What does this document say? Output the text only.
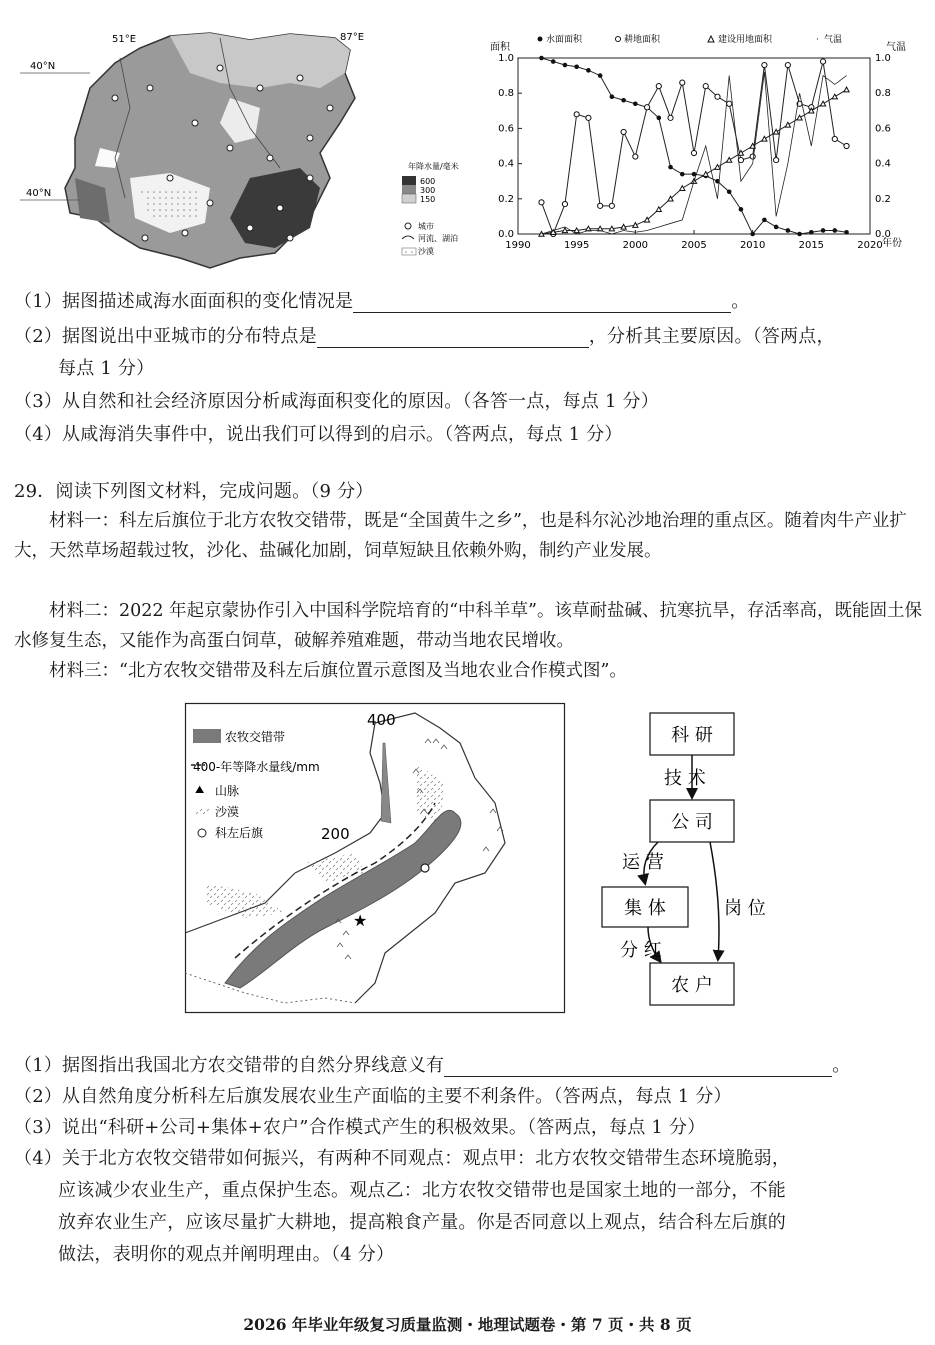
40°N
40°N
51°E	87°E
年降水量/毫米
600
300
150
城市
河流、湖泊
沙漠
面积	气温
水面面积	耕地面积	建设用地面积	· 气温
1990	1995	2000	2005	2010	2015	2020
0.0	0.0
0.2	0.2
0.4	0.4
0.6	0.6
0.8	0.8
1.0	1.0
年份
（1）据图描述咸海水面面积的变化情况是	。
（2）据图说出中亚城市的分布特点是	，分析其主要原因。（答两点，
每点 1 分）
（3）从自然和社会经济原因分析咸海面积变化的原因。（各答一点，每点 1 分）
（4）从咸海消失事件中，说出我们可以得到的启示。（答两点，每点 1 分）
29．阅读下列图文材料，完成问题。（9 分）
材料一：科左后旗位于北方农牧交错带，既是“全国黄牛之乡”，也是科尔沁沙地治理的重点区。随着肉牛产业扩大，天然草场超载过牧，沙化、盐碱化加剧，饲草短缺且依赖外购，制约产业发展。
材料二：2022 年起京蒙协作引入中国科学院培育的“中科羊草”。该草耐盐碱、抗寒抗旱，存活率高，既能固土保水修复生态，又能作为高蛋白饲草，破解养殖难题，带动当地农民增收。
材料三：“北方农牧交错带及科左后旗位置示意图及当地农业合作模式图”。
★
400
200
农牧交错带
400-年等降水量线/mm
⛰ 山脉
沙漠
科左后旗
科 研
技 术
公 司
运 营
岗 位
集 体
分 红
农 户
（1）据图指出我国北方农交错带的自然分界线意义有	。
（2）从自然角度分析科左后旗发展农业生产面临的主要不利条件。（答两点，每点 1 分）
（3）说出“科研+公司+集体+农户”合作模式产生的积极效果。（答两点，每点 1 分）
（4）关于北方农牧交错带如何振兴，有两种不同观点：观点甲：北方农牧交错带生态环境脆弱，
应该减少农业生产，重点保护生态。观点乙：北方农牧交错带也是国家土地的一部分，不能
放弃农业生产，应该尽量扩大耕地，提高粮食产量。你是否同意以上观点，结合科左后旗的
做法，表明你的观点并阐明理由。（4 分）
2026 年毕业年级复习质量监测・地理试题卷・第 7 页・共 8 页
